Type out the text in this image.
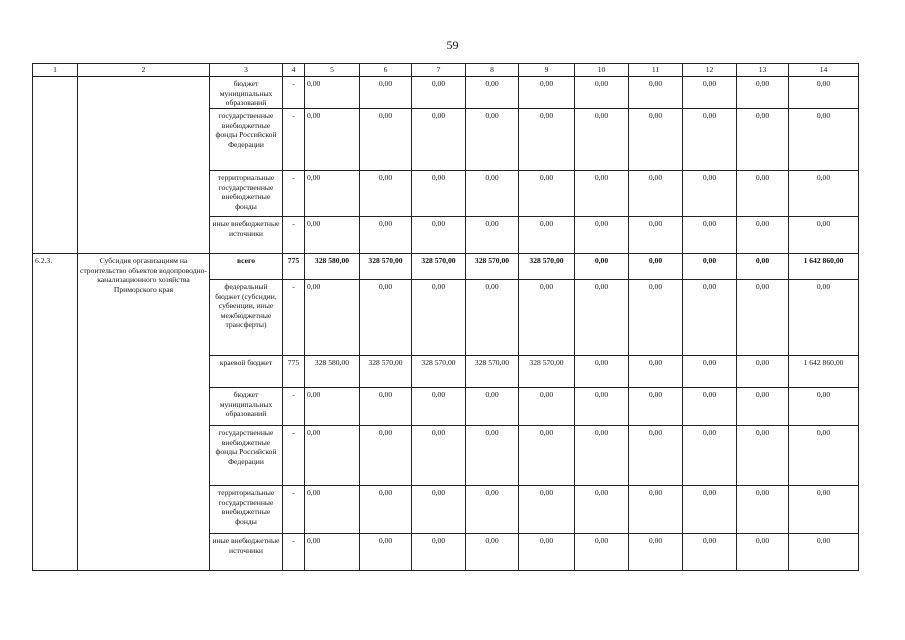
59
1	2	3	4	5	6	7	8	9	10	11	12	13	14
		бюджет муниципальных образований	-	0,00	0,00	0,00	0,00	0,00	0,00	0,00	0,00	0,00	0,00
		государственные внебюджетные фонды Российской Федерации	-	0,00	0,00	0,00	0,00	0,00	0,00	0,00	0,00	0,00	0,00
		территориальные государственные внебюджетные фонды	-	0,00	0,00	0,00	0,00	0,00	0,00	0,00	0,00	0,00	0,00
		иные внебюджетные источники	-	0,00	0,00	0,00	0,00	0,00	0,00	0,00	0,00	0,00	0,00
6.2.3.	Субсидия организациям на строительство объектов водопроводно-канализационного хозяйства Приморского края	всего	775	328 580,00	328 570,00	328 570,00	328 570,00	328 570,00	0,00	0,00	0,00	0,00	1 642 860,00
		федеральный бюджет (субсидии, субвенции, иные межбюджетные трансферты)	-	0,00	0,00	0,00	0,00	0,00	0,00	0,00	0,00	0,00	0,00
		краевой бюджет	775	328 580,00	328 570,00	328 570,00	328 570,00	328 570,00	0,00	0,00	0,00	0,00	1 642 860,00
		бюджет муниципальных образований	-	0,00	0,00	0,00	0,00	0,00	0,00	0,00	0,00	0,00	0,00
		государственные внебюджетные фонды Российской Федерации	-	0,00	0,00	0,00	0,00	0,00	0,00	0,00	0,00	0,00	0,00
		территориальные государственные внебюджетные фонды	-	0,00	0,00	0,00	0,00	0,00	0,00	0,00	0,00	0,00	0,00
		иные внебюджетные источники	-	0,00	0,00	0,00	0,00	0,00	0,00	0,00	0,00	0,00	0,00
